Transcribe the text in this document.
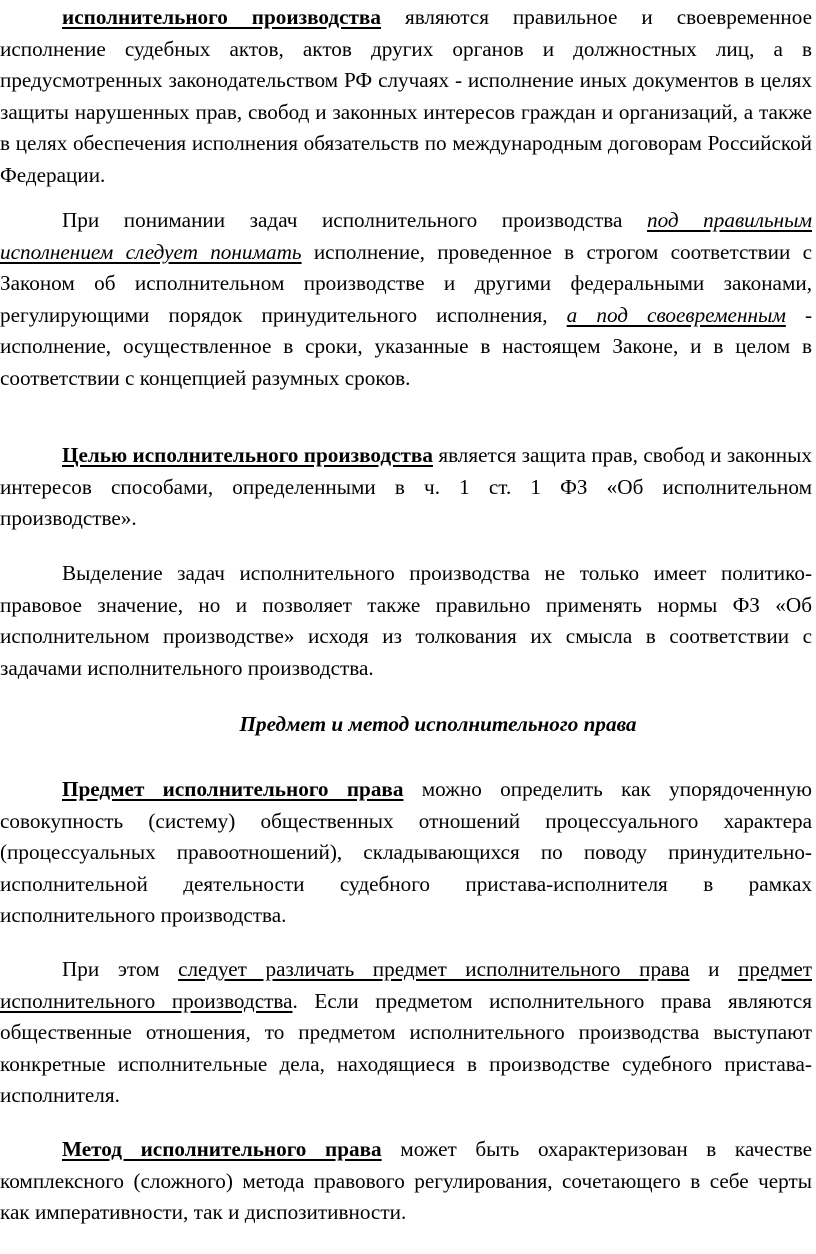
исполнительного производства являются правильное и своевременное исполнение судебных актов, актов других органов и должностных лиц, а в предусмотренных законодательством РФ случаях - исполнение иных документов в целях защиты нарушенных прав, свобод и законных интересов граждан и организаций, а также в целях обеспечения исполнения обязательств по международным договорам Российской Федерации.

При понимании задач исполнительного производства под правильным исполнением следует понимать исполнение, проведенное в строгом соответствии с Законом об исполнительном производстве и другими федеральными законами, регулирующими порядок принудительного исполнения, а под своевременным - исполнение, осуществленное в сроки, указанные в настоящем Законе, и в целом в соответствии с концепцией разумных сроков.

Целью исполнительного производства является защита прав, свобод и законных интересов способами, определенными в ч. 1 ст. 1 ФЗ «Об исполнительном производстве».

Выделение задач исполнительного производства не только имеет политико-правовое значение, но и позволяет также правильно применять нормы ФЗ «Об исполнительном производстве» исходя из толкования их смысла в соответствии с задачами исполнительного производства.

Предмет и метод исполнительного права

Предмет исполнительного права можно определить как упорядоченную совокупность (систему) общественных отношений процессуального характера (процессуальных правоотношений), складывающихся по поводу принудительно-исполнительной деятельности судебного пристава-исполнителя в рамках исполнительного производства.

При этом следует различать предмет исполнительного права и предмет исполнительного производства. Если предметом исполнительного права являются общественные отношения, то предметом исполнительного производства выступают конкретные исполнительные дела, находящиеся в производстве судебного пристава-исполнителя.

Метод исполнительного права может быть охарактеризован в качестве комплексного (сложного) метода правового регулирования, сочетающего в себе черты как императивности, так и диспозитивности.
